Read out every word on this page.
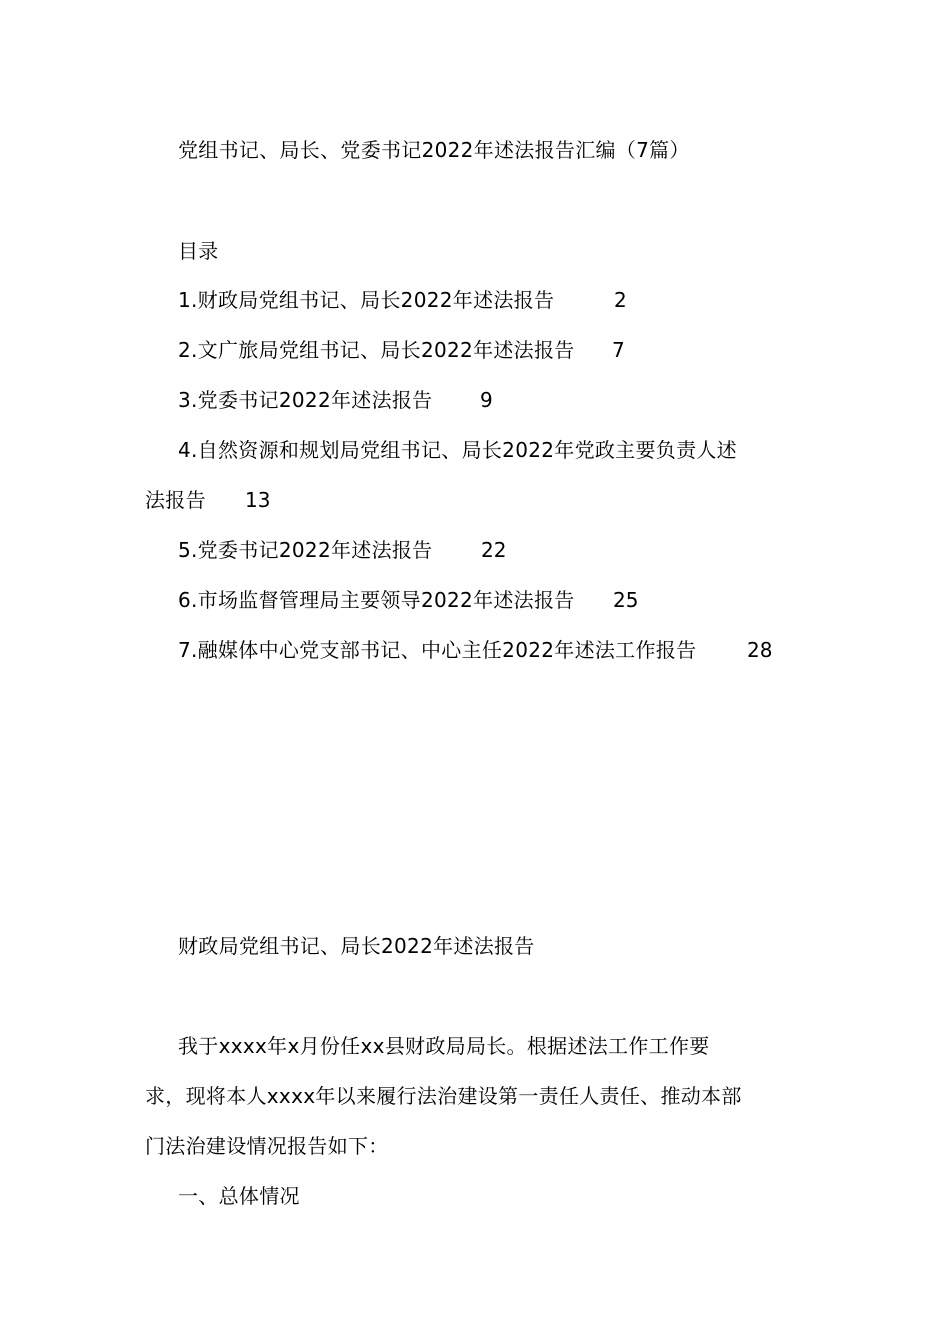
党组书记、局长、党委书记2022年述法报告汇编（7篇）
目录
1.财政局党组书记、局长2022年述法报告	2
2.文广旅局党组书记、局长2022年述法报告 7
3.党委书记2022年述法报告 9
4.自然资源和规划局党组书记、局长2022年党政主要负责人述
法报告 13
5.党委书记2022年述法报告 22
6.市场监督管理局主要领导2022年述法报告 25
7.融媒体中心党支部书记、中心主任2022年述法工作报告	28
财政局党组书记、局长2022年述法报告
我于xxxx年x月份任xx县财政局局长。根据述法工作工作要
求，现将本人xxxx年以来履行法治建设第一责任人责任、推动本部
门法治建设情况报告如下：
一、总体情况
